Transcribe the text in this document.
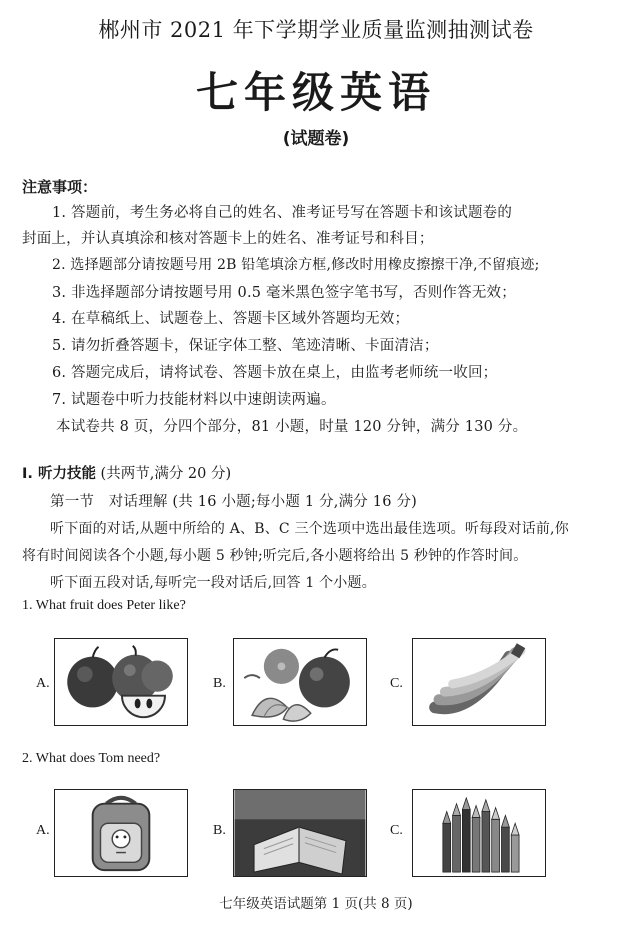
郴州市 2021 年下学期学业质量监测抽测试卷
七年级英语
(试题卷)
注意事项：
1. 答题前，考生务必将自己的姓名、准考证号写在答题卡和该试题卷的
封面上，并认真填涂和核对答题卡上的姓名、准考证号和科目；
2. 选择题部分请按题号用 2B 铅笔填涂方框,修改时用橡皮擦擦干净,不留痕迹;
3. 非选择题部分请按题号用 0.5 毫米黑色签字笔书写，否则作答无效；
4. 在草稿纸上、试题卷上、答题卡区域外答题均无效；
5. 请勿折叠答题卡，保证字体工整、笔迹清晰、卡面清洁；
6. 答题完成后，请将试卷、答题卡放在桌上，由监考老师统一收回；
7. 试题卷中听力技能材料以中速朗读两遍。
本试卷共 8 页，分四个部分，81 小题，时量 120 分钟，满分 130 分。
Ⅰ. 听力技能 (共两节,满分 20 分)
第一节　对话理解 (共 16 小题;每小题 1 分,满分 16 分)
听下面的对话,从题中所给的 A、B、C 三个选项中选出最佳选项。听每段对话前,你
将有时间阅读各个小题,每小题 5 秒钟;听完后,各小题将给出 5 秒钟的作答时间。
听下面五段对话,每听完一段对话后,回答 1 个小题。
1. What fruit does Peter like?
A.	B.	C.
2. What does Tom need?
A.	B.	C.
七年级英语试题第 1 页(共 8 页)
